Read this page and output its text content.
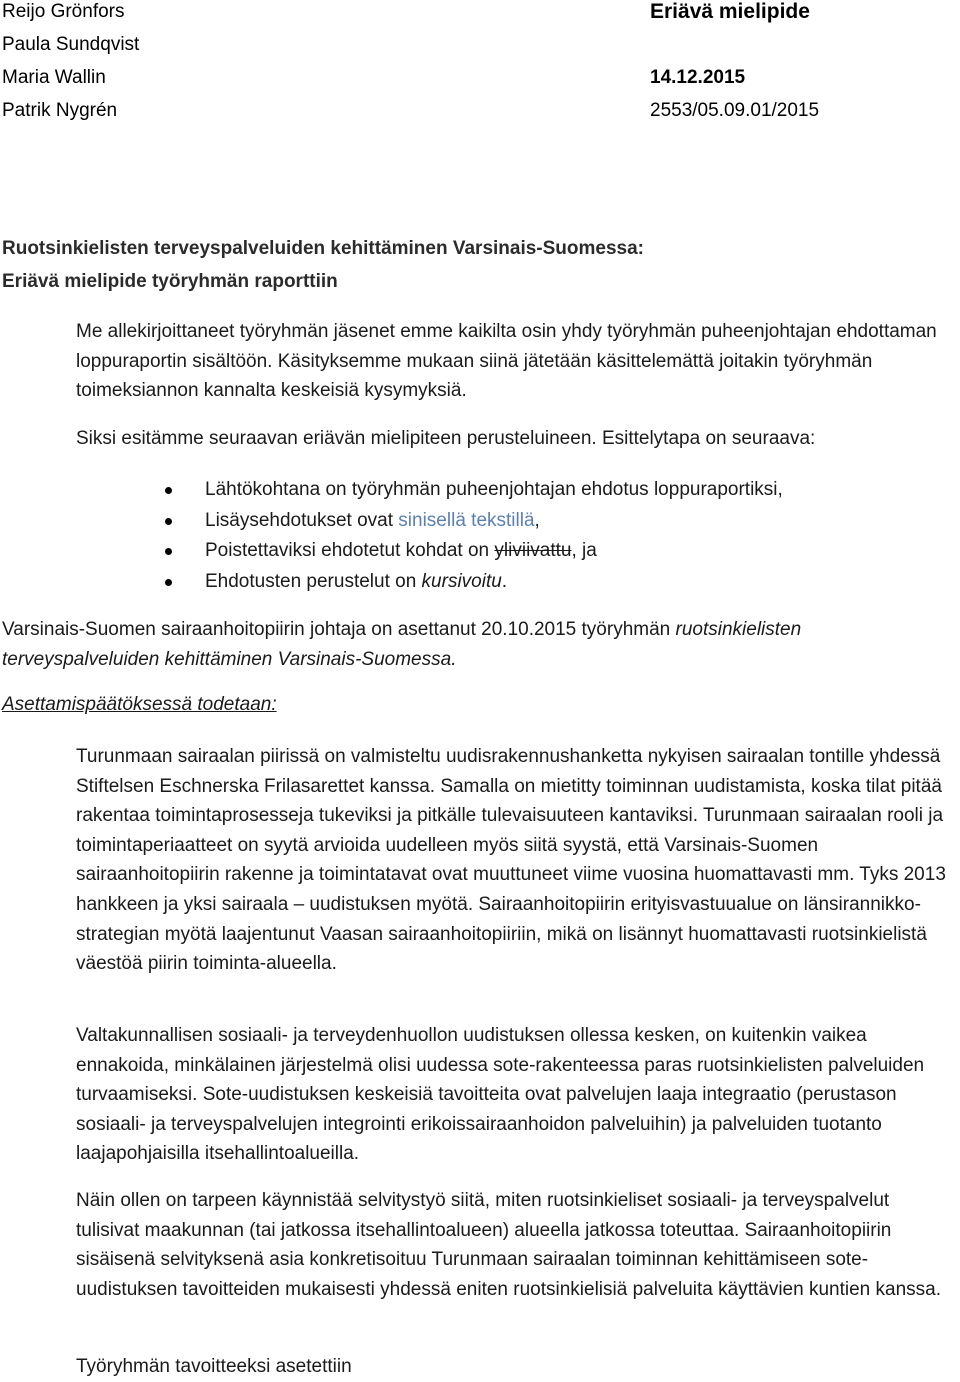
Reijo Grönfors
Paula Sundqvist
Maria Wallin
Patrik Nygrén
Eriävä mielipide
14.12.2015
2553/05.09.01/2015
Ruotsinkielisten terveyspalveluiden kehittäminen Varsinais-Suomessa:
Eriävä mielipide työryhmän raporttiin
Me allekirjoittaneet työryhmän jäsenet emme kaikilta osin yhdy työryhmän puheenjohtajan ehdottaman loppuraportin sisältöön. Käsityksemme mukaan siinä jätetään käsittelemättä joitakin työryhmän toimeksiannon kannalta keskeisiä kysymyksiä.
Siksi esitämme seuraavan eriävän mielipiteen perusteluineen. Esittelytapa on seuraava:
Lähtökohtana on työryhmän puheenjohtajan ehdotus loppuraportiksi,
Lisäysehdotukset ovat sinisellä tekstillä,
Poistettaviksi ehdotetut kohdat on yliviivattu, ja
Ehdotusten perustelut on kursivoitu.
Varsinais-Suomen sairaanhoitopiirin johtaja on asettanut 20.10.2015 työryhmän ruotsinkielisten terveyspalveluiden kehittäminen Varsinais-Suomessa.
Asettamispäätöksessä todetaan:
Turunmaan sairaalan piirissä on valmisteltu uudisrakennushanketta nykyisen sairaalan tontille yhdessä Stiftelsen Eschnerska Frilasarettet kanssa. Samalla on mietitty toiminnan uudistamista, koska tilat pitää rakentaa toimintaprosesseja tukeviksi ja pitkälle tulevaisuuteen kantaviksi. Turunmaan sairaalan rooli ja toimintaperiaatteet on syytä arvioida uudelleen myös siitä syystä, että Varsinais-Suomen sairaanhoitopiirin rakenne ja toimintatavat ovat muuttuneet viime vuosina huomattavasti mm. Tyks 2013 hankkeen ja yksi sairaala – uudistuksen myötä. Sairaanhoitopiirin erityisvastuualue on länsirannikko-strategian myötä laajentunut Vaasan sairaanhoitopiiriin, mikä on lisännyt huomattavasti ruotsinkielistä väestöä piirin toiminta-alueella.
Valtakunnallisen sosiaali- ja terveydenhuollon uudistuksen ollessa kesken, on kuitenkin vaikea ennakoida, minkälainen järjestelmä olisi uudessa sote-rakenteessa paras ruotsinkielisten palveluiden turvaamiseksi. Sote-uudistuksen keskeisiä tavoitteita ovat palvelujen laaja integraatio (perustason sosiaali- ja terveyspalvelujen integrointi erikoissairaanhoidon palveluihin) ja palveluiden tuotanto laajapohjaisilla itsehallintoalueilla.
Näin ollen on tarpeen käynnistää selvitystyö siitä, miten ruotsinkieliset sosiaali- ja terveyspalvelut tulisivat maakunnan (tai jatkossa itsehallintoalueen) alueella jatkossa toteuttaa. Sairaanhoitopiirin sisäisenä selvityksenä asia konkretisoituu Turunmaan sairaalan toiminnan kehittämiseen sote-uudistuksen tavoitteiden mukaisesti yhdessä eniten ruotsinkielisiä palveluita käyttävien kuntien kanssa.
Työryhmän tavoitteeksi asetettiin
